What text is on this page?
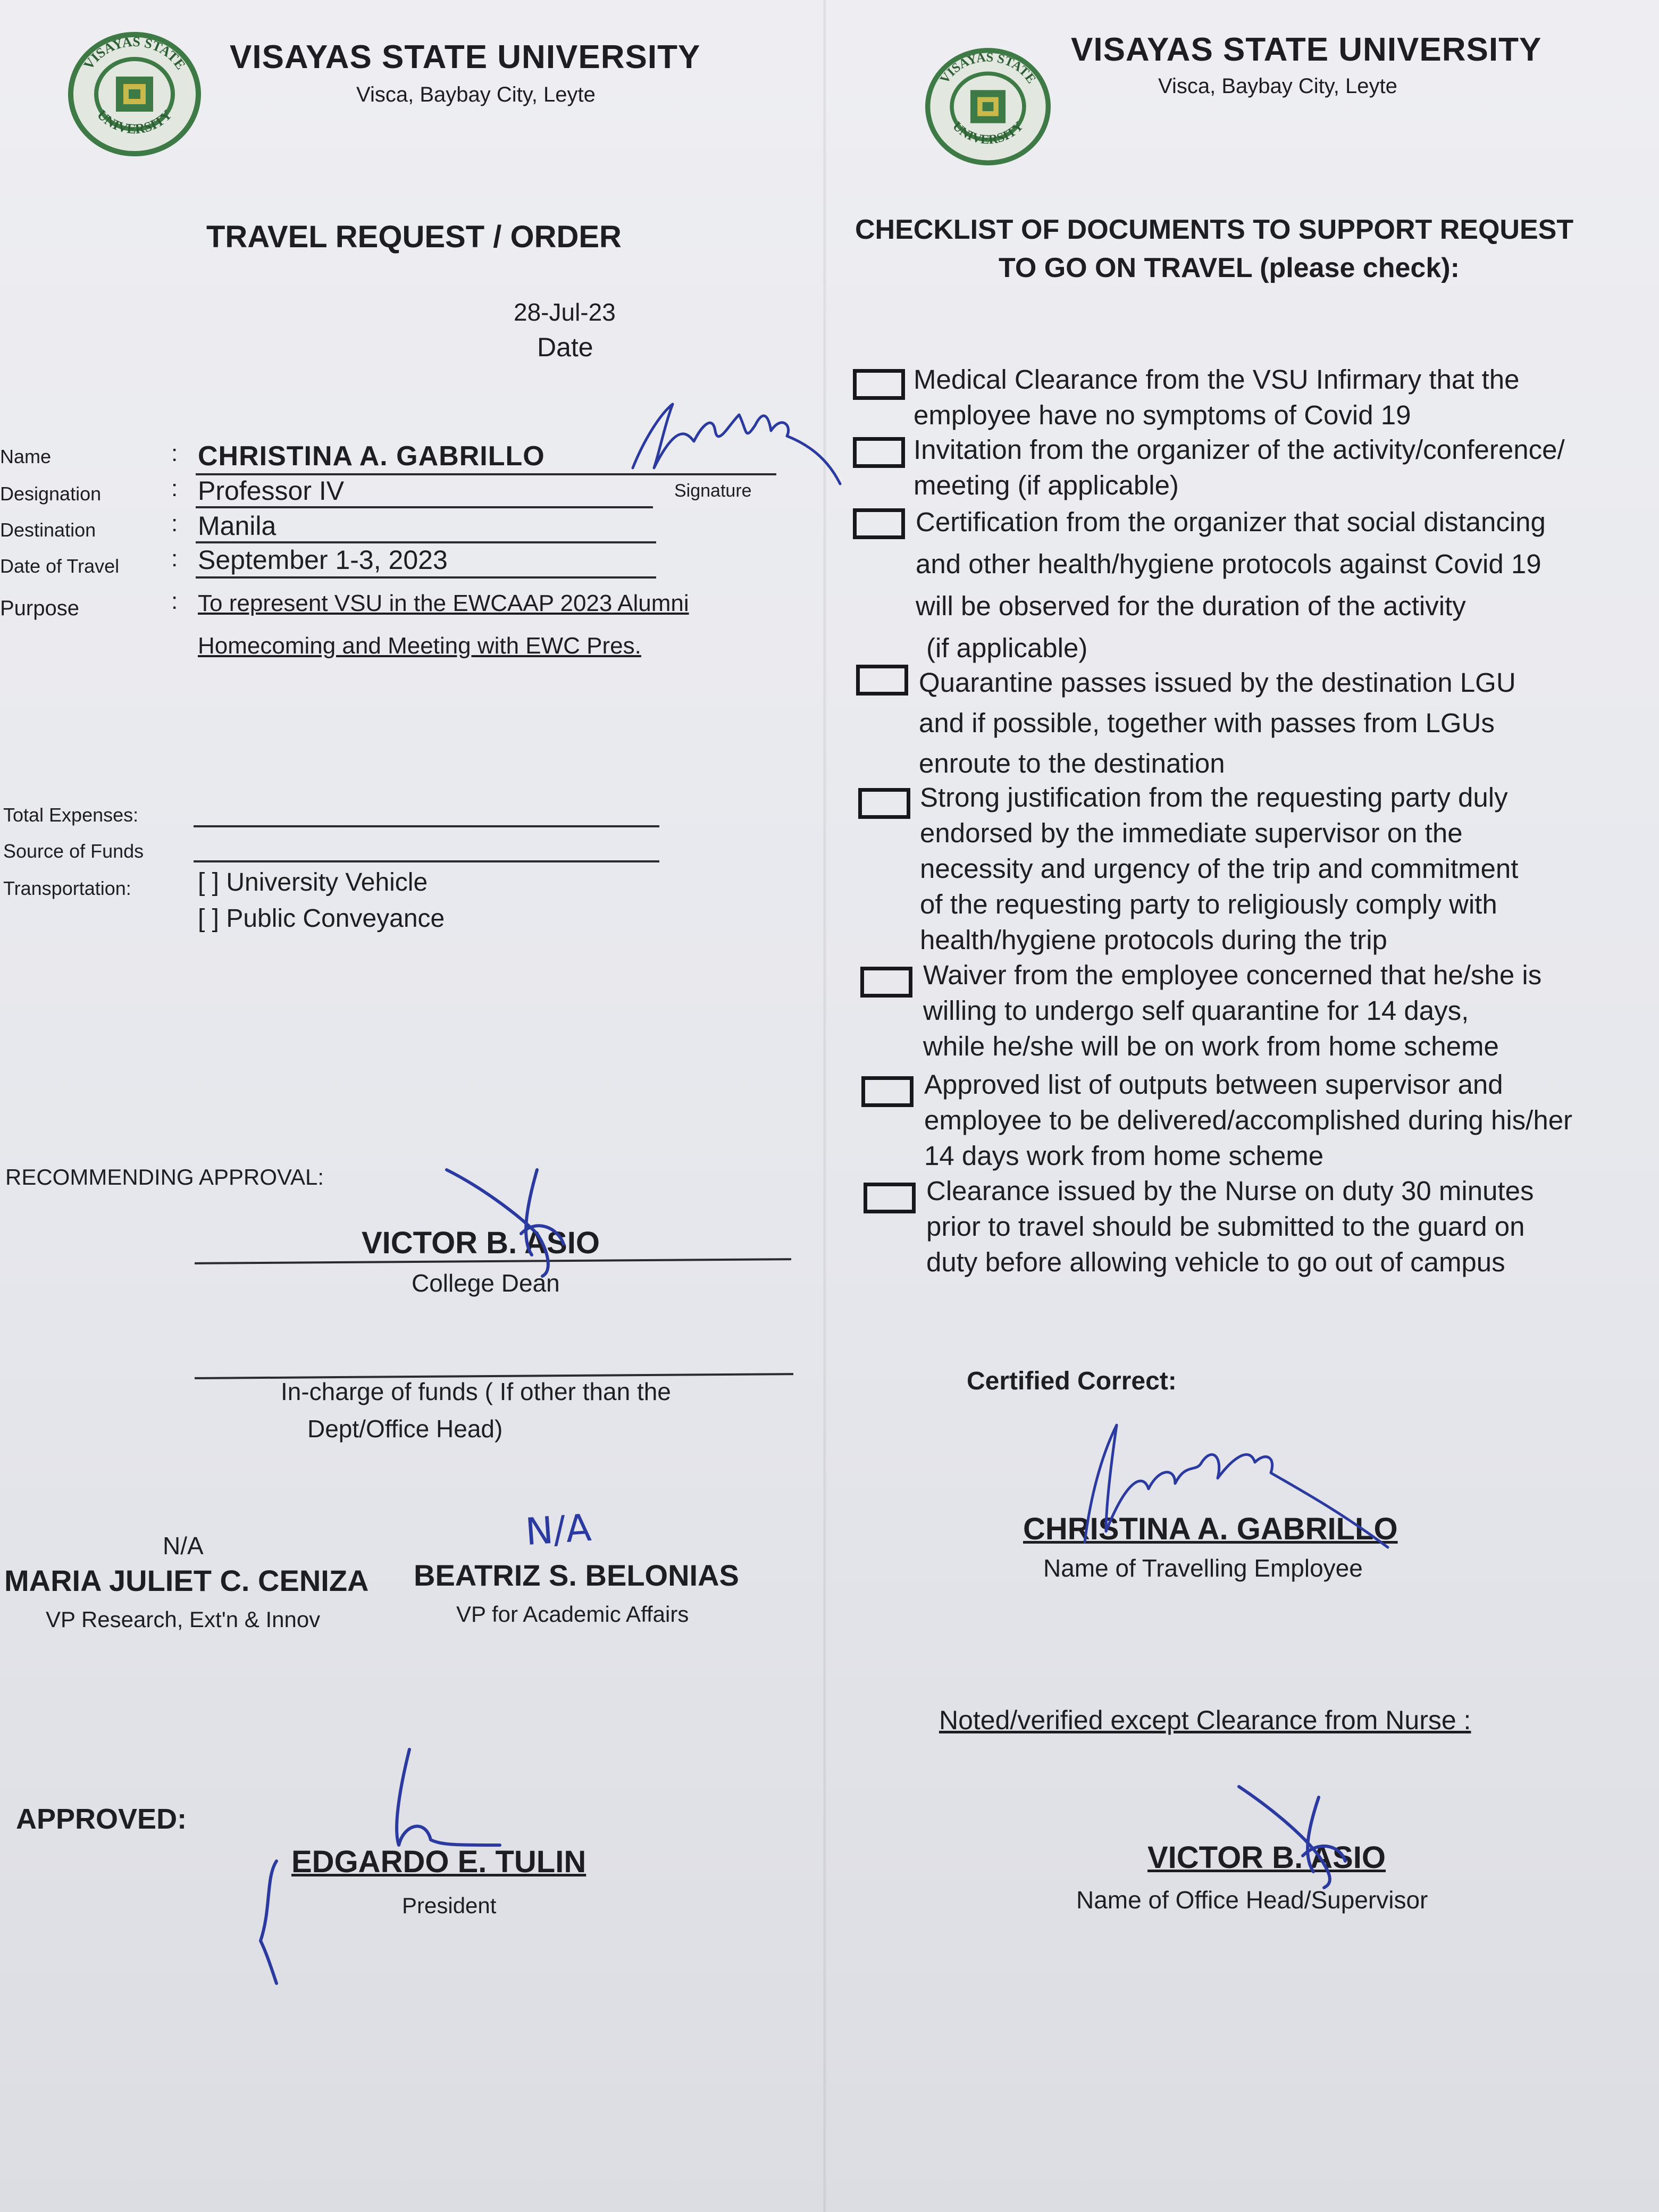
VISAYAS STATE
UNIVERSITY
VISAYAS STATE UNIVERSITY
Visca, Baybay City, Leyte
TRAVEL REQUEST / ORDER
28-Jul-23
Date
Name	: CHRISTINA A. GABRILLO
Signature
Designation	: Professor IV
Destination	: Manila
Date of Travel : September 1-3, 2023
Purpose	: To represent VSU in the EWCAAP 2023 Alumni
Homecoming and Meeting with EWC Pres.
Total Expenses:
Source of Funds
Transportation:	[ ] University Vehicle
[ ] Public Conveyance
RECOMMENDING APPROVAL:
VICTOR B. ASIO
College Dean
In-charge of funds ( If other than the
Dept/Office Head)
N/A
MARIA JULIET C. CENIZA
VP Research, Ext'n & Innov
N/A
BEATRIZ S. BELONIAS
VP for Academic Affairs
APPROVED:
EDGARDO E. TULIN
President
VISAYAS STATE
UNIVERSITY
VISAYAS STATE UNIVERSITY
Visca, Baybay City, Leyte
CHECKLIST OF DOCUMENTS TO SUPPORT REQUEST
TO GO ON TRAVEL (please check):
Medical Clearance from the VSU Infirmary that the
employee have no symptoms of Covid 19
Invitation from the organizer of the activity/conference/
meeting (if applicable)
Certification from the organizer that social distancing
and other health/hygiene protocols against Covid 19
will be observed for the duration of the activity
(if applicable)
Quarantine passes issued by the destination LGU
and if possible, together with passes from LGUs
enroute to the destination
Strong justification from the requesting party duly
endorsed by the immediate supervisor on the
necessity and urgency of the trip and commitment
of the requesting party to religiously comply with
health/hygiene protocols during the trip
Waiver from the employee concerned that he/she is
willing to undergo self quarantine for 14 days,
while he/she will be on work from home scheme
Approved list of outputs between supervisor and
employee to be delivered/accomplished during his/her
14 days work from home scheme
Clearance issued by the Nurse on duty 30 minutes
prior to travel should be submitted to the guard on
duty before allowing vehicle to go out of campus
Certified Correct:
CHRISTINA A. GABRILLO
Name of Travelling Employee
Noted/verified except Clearance from Nurse :
VICTOR B. ASIO
Name of Office Head/Supervisor
